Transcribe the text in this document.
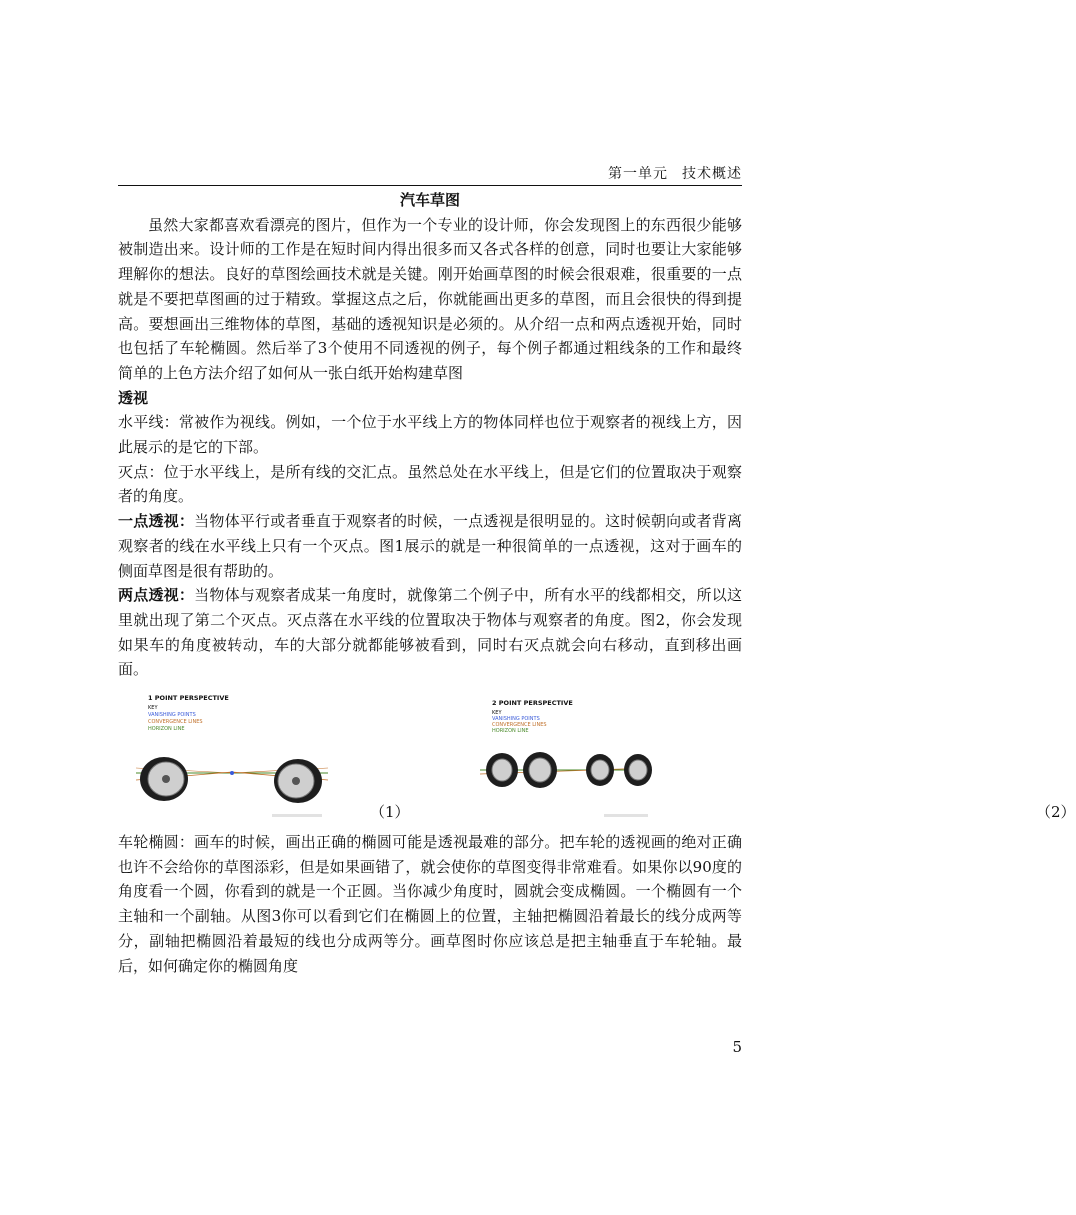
第一单元 技术概述

汽车草图

虽然大家都喜欢看漂亮的图片，但作为一个专业的设计师，你会发现图上的东西很少能够被制造出来。设计师的工作是在短时间内得出很多而又各式各样的创意，同时也要让大家能够理解你的想法。良好的草图绘画技术就是关键。刚开始画草图的时候会很艰难，很重要的一点就是不要把草图画的过于精致。掌握这点之后，你就能画出更多的草图，而且会很快的得到提高。要想画出三维物体的草图，基础的透视知识是必须的。从介绍一点和两点透视开始，同时也包括了车轮椭圆。然后举了3个使用不同透视的例子，每个例子都通过粗线条的工作和最终简单的上色方法介绍了如何从一张白纸开始构建草图

透视

水平线：常被作为视线。例如，一个位于水平线上方的物体同样也位于观察者的视线上方，因此展示的是它的下部。

灭点：位于水平线上，是所有线的交汇点。虽然总处在水平线上，但是它们的位置取决于观察者的角度。

一点透视：当物体平行或者垂直于观察者的时候，一点透视是很明显的。这时候朝向或者背离观察者的线在水平线上只有一个灭点。图1展示的就是一种很简单的一点透视，这对于画车的侧面草图是很有帮助的。

两点透视：当物体与观察者成某一角度时，就像第二个例子中，所有水平的线都相交，所以这里就出现了第二个灭点。灭点落在水平线的位置取决于物体与观察者的角度。图2，你会发现如果车的角度被转动，车的大部分就都能够被看到，同时右灭点就会向右移动，直到移出画面。

1 POINT PERSPECTIVE
KEY
VANISHING POINTS
CONVERGENCE LINES
HORIZON LINE
（1）
2 POINT PERSPECTIVE
KEY
VANISHING POINTS
CONVERGENCE LINES
HORIZON LINE
（2）

车轮椭圆：画车的时候，画出正确的椭圆可能是透视最难的部分。把车轮的透视画的绝对正确也许不会给你的草图添彩，但是如果画错了，就会使你的草图变得非常难看。如果你以90度的角度看一个圆，你看到的就是一个正圆。当你减少角度时，圆就会变成椭圆。一个椭圆有一个主轴和一个副轴。从图3你可以看到它们在椭圆上的位置，主轴把椭圆沿着最长的线分成两等分，副轴把椭圆沿着最短的线也分成两等分。画草图时你应该总是把主轴垂直于车轮轴。最后，如何确定你的椭圆角度

5
